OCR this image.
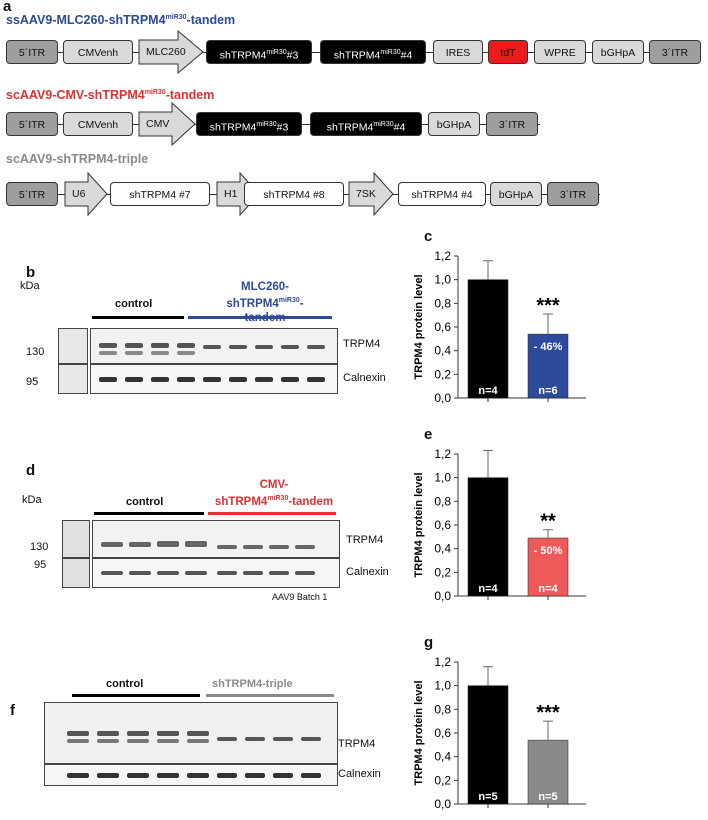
a
$ssAAV9-MLC260-shTRPM4^{miR30}$-tandem
5´ITR	CMVenh	MLC260	$shTRPM4^{miR30}\#3$	$shTRPM4^{miR30}\#4$	IRES	tdT	WPRE	bGHpA	3´ITR
$scAAV9-CMV-shTRPM4^{miR30}$-tandem
5´ITR	CMVenh	CMV	$shTRPM4^{miR30}\#3$	$shTRPM4^{miR30}\#4$	bGHpA	3´ITR
scAAV9-shTRPM4-triple
5´ITR	U6	shTRPM4 #7	H1	shTRPM4 #8	7SK	shTRPM4 #4	bGHpA	3´ITR
b
kDa
130
95
control
MLC260-
$shTRPM4^{miR30}-$
TRPM4
Calnexin
d
kDa
130
95
control
CMV-
$shTRPM4^{miR30}$-tandem
TRPM4
Calnexin
AAV9 Batch 1
f
control	shTRPM4-triple
TRPM4
Calnexin
c
0,0
0,2
0,4
0,6
0,8
1,0
1,2
TRPM4 protein level
n=4	n=6
- 46%
***
e
0,0
0,2
0,4
0,6
0,8
1,0
1,2
TRPM4 protein level
n=4	n=4
- 50%
**
g
0,0
0,2
0,4
0,6
0,8
1,0
1,2
TRPM4 protein level
n=5	n=5
***
